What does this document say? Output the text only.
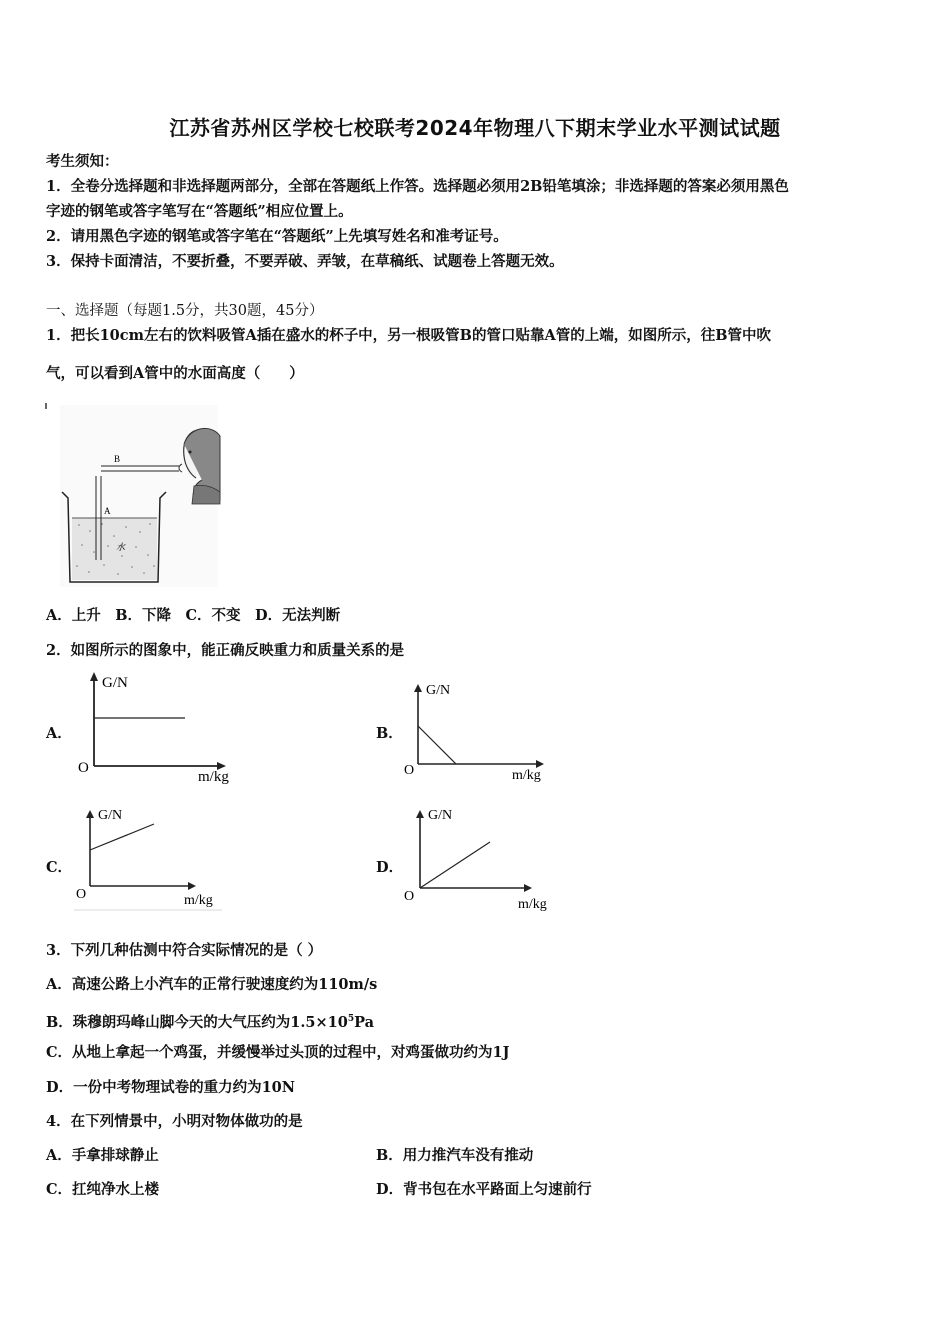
江苏省苏州区学校七校联考2024年物理八下期末学业水平测试试题
考生须知：
1．全卷分选择题和非选择题两部分，全部在答题纸上作答。选择题必须用2B铅笔填涂；非选择题的答案必须用黑色
字迹的钢笔或答字笔写在“答题纸”相应位置上。
2．请用黑色字迹的钢笔或答字笔在“答题纸”上先填写姓名和准考证号。
3．保持卡面清洁，不要折叠，不要弄破、弄皱，在草稿纸、试题卷上答题无效。
一、选择题（每题1.5分，共30题，45分）
1．把长10cm左右的饮料吸管A插在盛水的杯子中，另一根吸管B的管口贴靠A管的上端，如图所示，往B管中吹
气，可以看到A管中的水面高度（　　）
B
A
水
A．上升　B．下降　C．不变　D．无法判断
2．如图所示的图象中，能正确反映重力和质量关系的是
A．	B．
C．	D．
G/N
O
m/kg
G/N
O	m/kg
G/N
O	m/kg
G/N
O
m/kg
3．下列几种估测中符合实际情况的是（ ）
A．高速公路上小汽车的正常行驶速度约为110m/s
B．珠穆朗玛峰山脚今天的大气压约为$1.5\times 10^5Pa$
C．从地上拿起一个鸡蛋，并缓慢举过头顶的过程中，对鸡蛋做功约为1J
D．一份中考物理试卷的重力约为10N
4．在下列情景中，小明对物体做功的是
A．手拿排球静止	B．用力推汽车没有推动
C．扛纯净水上楼	D．背书包在水平路面上匀速前行
